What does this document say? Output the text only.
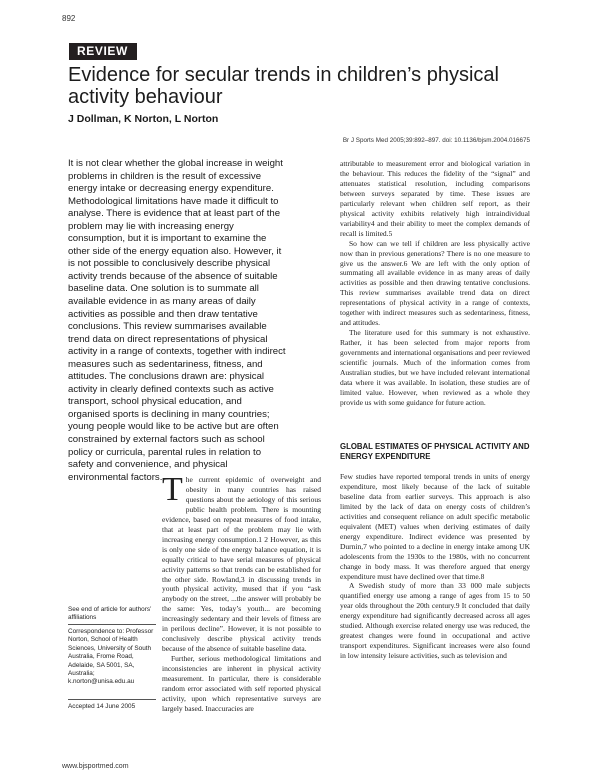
892
REVIEW
Evidence for secular trends in children’s physical activity behaviour
J Dollman, K Norton, L Norton
Br J Sports Med 2005;39:892–897. doi: 10.1136/bjsm.2004.016675

It is not clear whether the global increase in weight problems in children is the result of excessive energy intake or decreasing energy expenditure. Methodological limitations have made it difficult to analyse. There is evidence that at least part of the problem may lie with increasing energy consumption, but it is important to examine the other side of the energy equation also. However, it is not possible to conclusively describe physical activity trends because of the absence of suitable baseline data. One solution is to summate all available evidence in as many areas of daily activities as possible and then draw tentative conclusions. This review summarises available trend data on direct representations of physical activity in a range of contexts, together with indirect measures such as sedentariness, fitness, and attitudes. The conclusions drawn are: physical activity in clearly defined contexts such as active transport, school physical education, and organised sports is declining in many countries; young people would like to be active but are often constrained by external factors such as school policy or curricula, parental rules in relation to safety and convenience, and physical environmental factors.

See end of article for authors’ affiliations
Correspondence to: Professor Norton, School of Health Sciences, University of South Australia, Frome Road, Adelaide, SA 5001, SA, Australia; k.norton@unisa.edu.au
Accepted 14 June 2005

The current epidemic of overweight and obesity in many countries has raised questions about the aetiology of this serious public health problem. There is mounting evidence, based on repeat measures of food intake, that at least part of the problem may lie with increasing energy consumption.1 2 However, as this is only one side of the energy balance equation, it is equally critical to have serial measures of physical activity patterns so that trends can be established for the other side. Rowland,3 in discussing trends in youth physical activity, mused that if you “ask anybody on the street, ...the answer will probably be the same: Yes, today’s youth... are becoming increasingly sedentary and their levels of fitness are in perilous decline”. However, it is not possible to conclusively describe physical activity trends because of the absence of suitable baseline data.

Further, serious methodological limitations and inconsistencies are inherent in physical activity measurement. In particular, there is considerable random error associated with self reported physical activity, upon which representative surveys are largely based. Inaccuracies are

attributable to measurement error and biological variation in the behaviour. This reduces the fidelity of the “signal” and attenuates statistical resolution, including comparisons between surveys separated by time. These issues are particularly relevant when children self report, as their physical activity exhibits relatively high intraindividual variability4 and their ability to meet the complex demands of recall is limited.5

So how can we tell if children are less physically active now than in previous generations? There is no one measure to give us the answer.6 We are left with the only option of summating all available evidence in as many areas of daily activities as possible and then drawing tentative conclusions. This review summarises available trend data on direct representations of physical activity in a range of contexts, together with indirect measures such as sedentariness, fitness, and attitudes.

The literature used for this summary is not exhaustive. Rather, it has been selected from major reports from governments and international organisations and peer reviewed scientific journals. Much of the information comes from Australian studies, but we have included relevant international data where it was available. In isolation, these studies are of limited value. However, when reviewed as a whole they provide us with some guidance for future action.

GLOBAL ESTIMATES OF PHYSICAL ACTIVITY AND ENERGY EXPENDITURE

Few studies have reported temporal trends in units of energy expenditure, most likely because of the lack of suitable baseline data from earlier surveys. This approach is also limited by the lack of data on energy costs of children’s activities and consequent reliance on adult specific metabolic equivalent (MET) values when deriving estimates of daily energy expenditure. Indirect evidence was presented by Durnin,7 who pointed to a decline in energy intake among UK adolescents from the 1930s to the 1980s, with no concurrent change in body mass. It was therefore argued that energy expenditure must have declined over that time.8

A Swedish study of more than 33 000 male subjects quantified energy use among a range of ages from 15 to 50 year olds throughout the 20th century.9 It concluded that daily energy expenditure had significantly decreased across all ages studied. Although exercise related energy use was reduced, the greatest changes were found in occupational and active transport expenditures. Significant increases were also found in low intensity leisure activities, such as television and

www.bjsportmed.com
